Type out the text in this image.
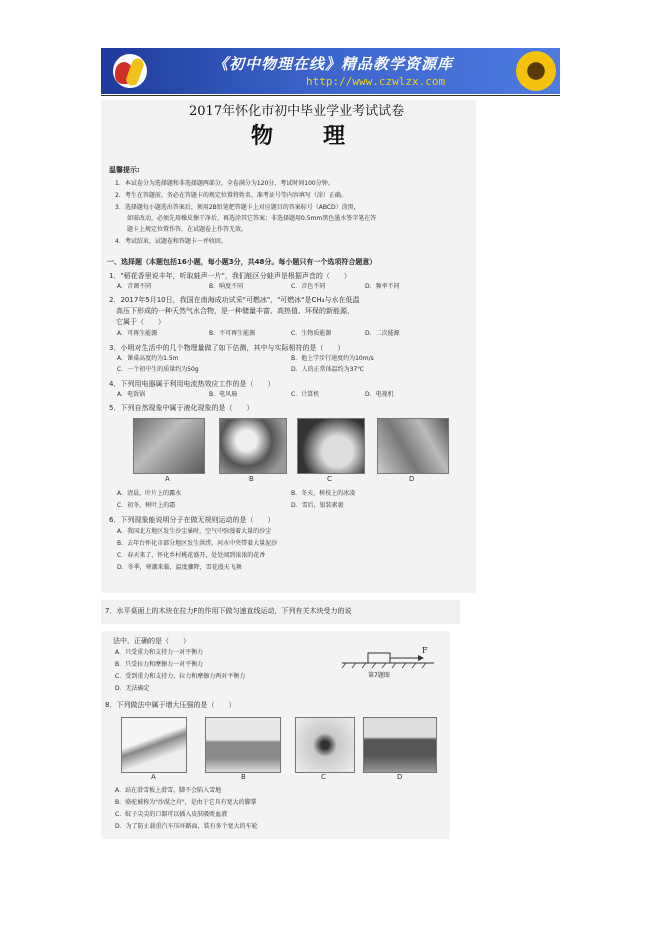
《初中物理在线》精品教学资源库
http://www.czwlzx.com
2017年怀化市初中毕业学业考试试卷
物　理
温馨提示:
1．本试卷分为选择题和非选择题两部分，全卷满分为120分，考试时间100分钟。
2．考生在答题前，务必在答题卡的规定位置将姓名、准考证号等内容填写（涂）正确。
3．选择题每小题选出答案后，须用2B铅笔把答题卡上对应题目的答案标号（ABCD）涂黑，
　　如需改动，必须先用橡皮擦干净后，再选涂其它答案；非选择题用0.5mm黑色墨水签字笔在答
　　题卡上规定位置作答，在试题卷上作答无效。
4．考试结束，试题卷和答题卡一并收回。
一、选择题（本题包括16小题，每小题3分，共48分。每小题只有一个选项符合题意）
1．"稻花香里说丰年，听取蛙声一片"，我们能区分蛙声是根据声音的（　　）
A．音调不同	B．响度不同	C．音色不同	D．频率不同
2．2017年5月10日，我国在南海成功试采"可燃冰"，"可燃冰"是CH₄与水在低温
　高压下形成的一种天然气水合物，是一种储量丰富、高热值、环保的新能源，
　它属于（　　）
A．可再生能源	B．不可再生能源	C．生物质能源	D．二次能源
3．小明对生活中的几个物理量做了如下估测，其中与实际相符的是（　　）
A．课桌高度约为1.5m	B．他上学步行速度约为10m/s
C．一个初中生的质量约为50g	D．人的正常体温约为37℃
4．下列用电器属于利用电流热效应工作的是（　　）
A．电饭锅	B．电风扇	C．计算机	D．电视机
5．下列自然现象中属于液化现象的是（　　）
A	B	C	D
A．清晨，叶片上的露水	B．冬天，树枝上的冰凌
C．初冬，树叶上的霜	D．雪后，银装素裹
6．下列现象能说明分子在做无规则运动的是（　　）
A．我国北方地区发生沙尘暴时，空气中弥漫着大量的沙尘
B．去年台怀化市部分地区发生洪涝，河水中夹带着大量泥沙
C．春天来了，怀化乡村桃花盛开，处处闻到浓浓的花香
D．冬季，寒潮来临，温度骤降，雪花漫天飞舞
7．水平桌面上的木块在拉力F的作用下做匀速直线运动，下列有关木块受力的说
法中，正确的是（　　）
A．只受重力和支持力一对平衡力
B．只受拉力和摩擦力一对平衡力
C．受到重力和支持力、拉力和摩擦力两对平衡力
D．无法确定
F
第7题图
8．下列做法中属于增大压强的是（　　）
A	B	C	D
A．站在滑雪板上滑雪，脚不会陷入雪地
B．骆驼被称为"沙漠之舟"，是由于它具有宽大的脚掌
C．蚊子尖尖的口器可以插入皮肤吸吮血液
D．为了防止载重汽车压坏路面，装有多个宽大的车轮
